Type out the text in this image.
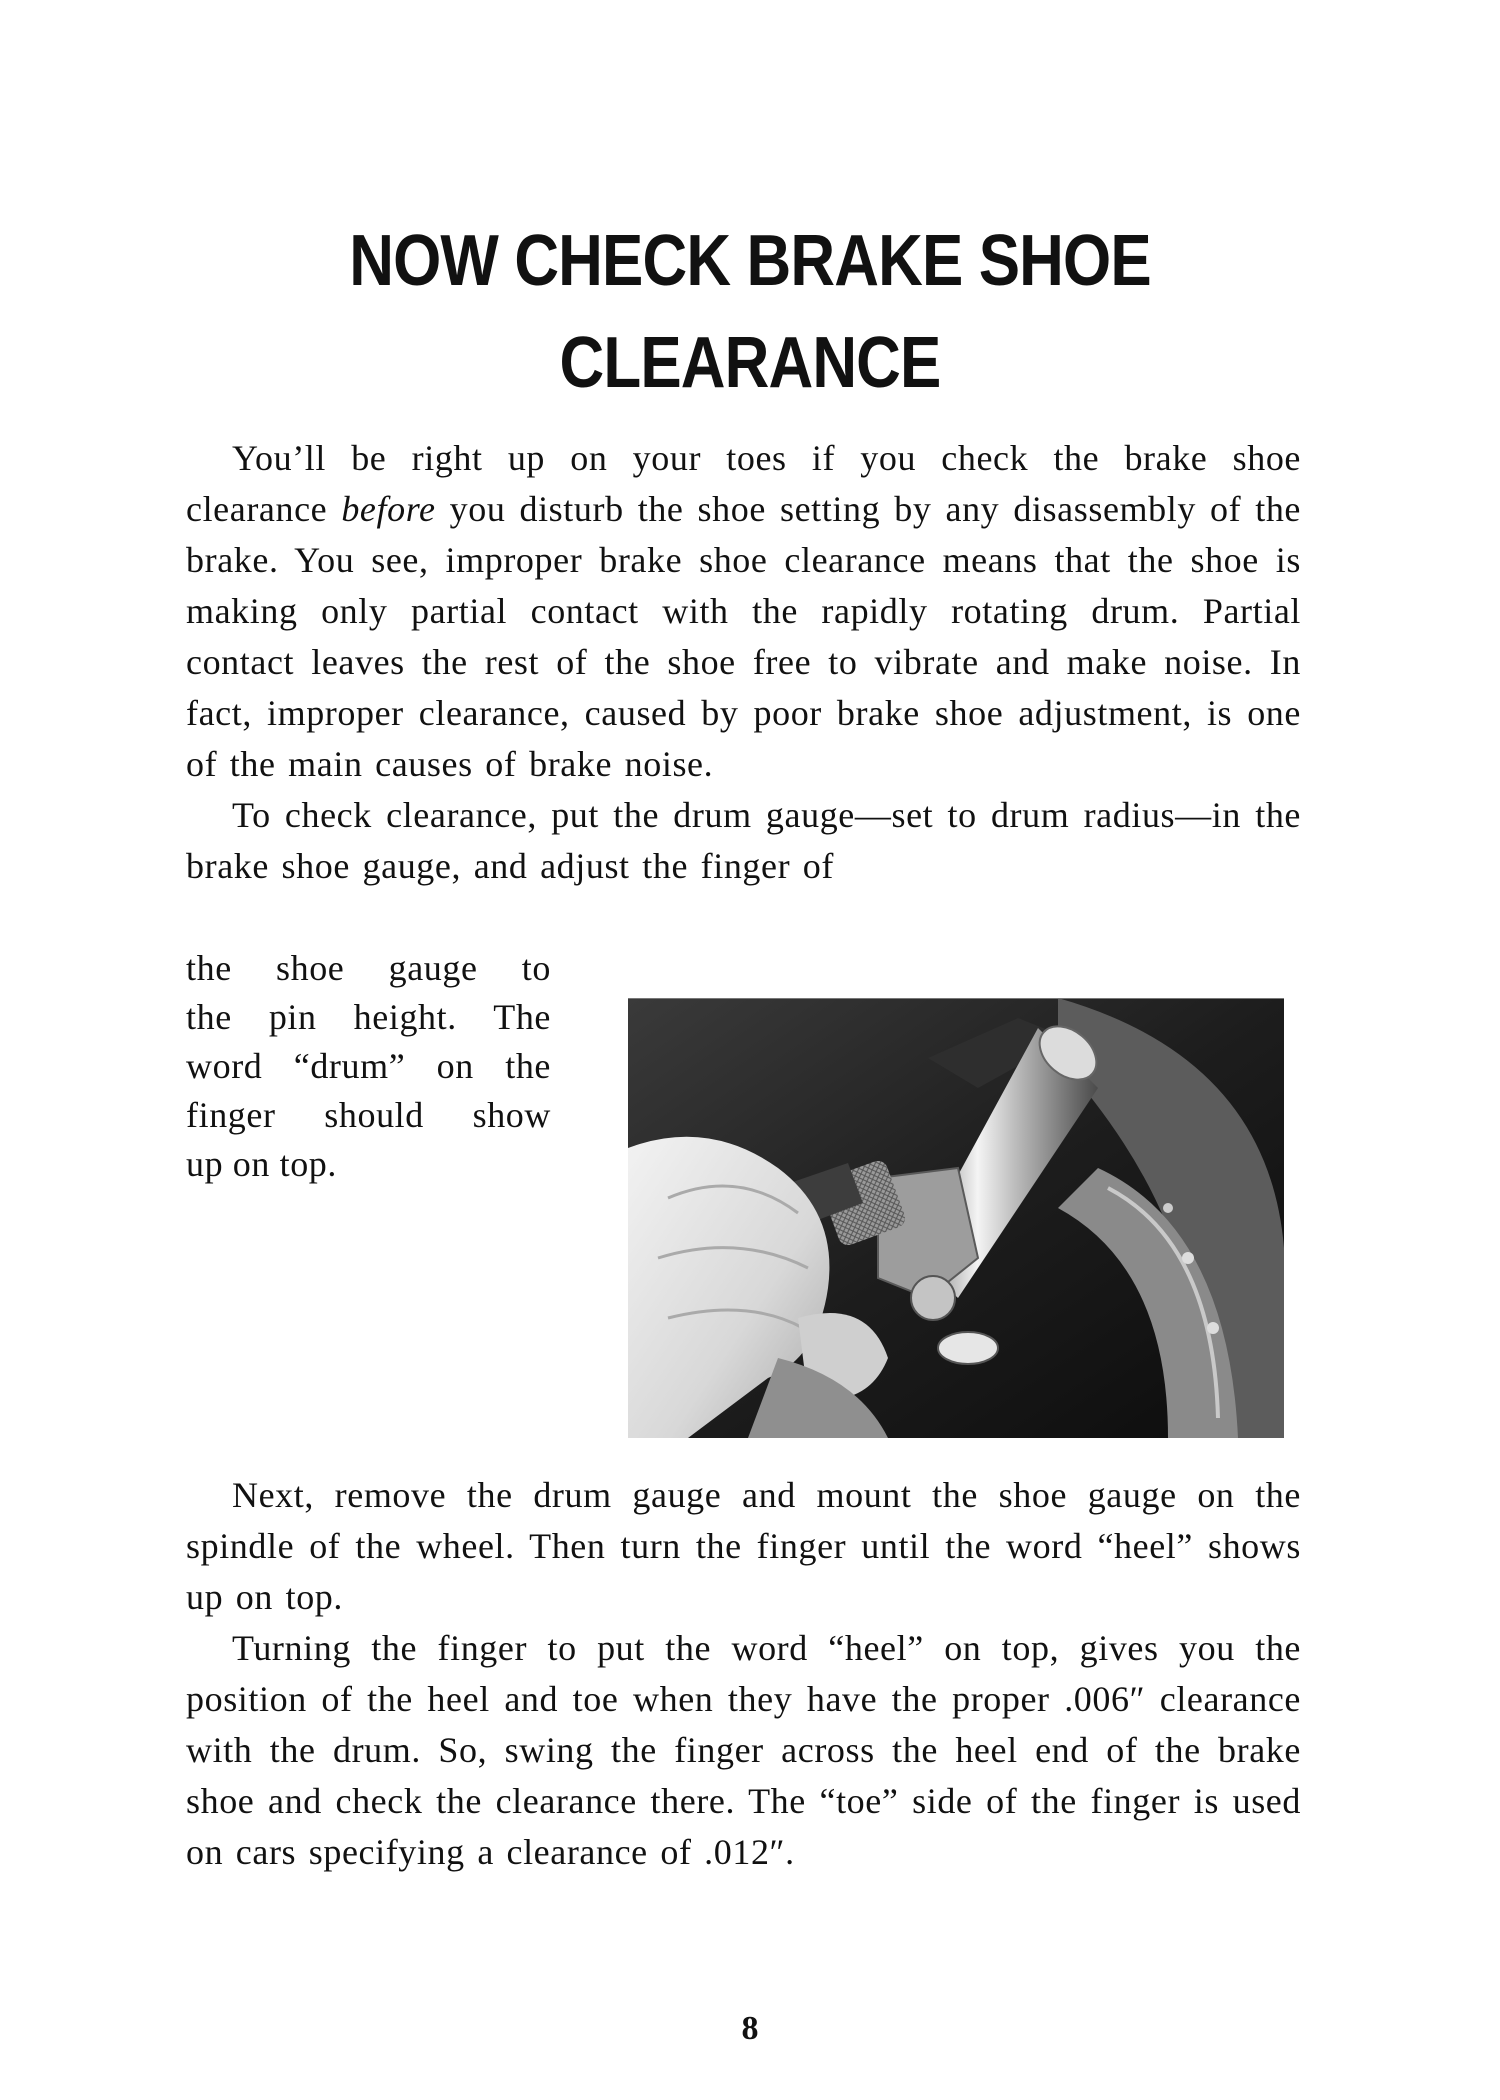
NOW CHECK BRAKE SHOE
CLEARANCE

You’ll be right up on your toes if you check the brake shoe clearance before you disturb the shoe setting by any disassembly of the brake. You see, improper brake shoe clearance means that the shoe is making only partial contact with the rapidly rotating drum. Partial contact leaves the rest of the shoe free to vibrate and make noise. In fact, improper clearance, caused by poor brake shoe adjustment, is one of the main causes of brake noise.

To check clearance, put the drum gauge—set to drum radius—in the brake shoe gauge, and adjust the finger of

the shoe gauge to
the pin height. The
word “drum” on the
finger should show
up on top.

Next, remove the drum gauge and mount the shoe gauge on the spindle of the wheel. Then turn the finger until the word “heel” shows up on top.

Turning the finger to put the word “heel” on top, gives you the position of the heel and toe when they have the proper .006″ clearance with the drum. So, swing the finger across the heel end of the brake shoe and check the clearance there. The “toe” side of the finger is used on cars specifying a clearance of .012″.

8
